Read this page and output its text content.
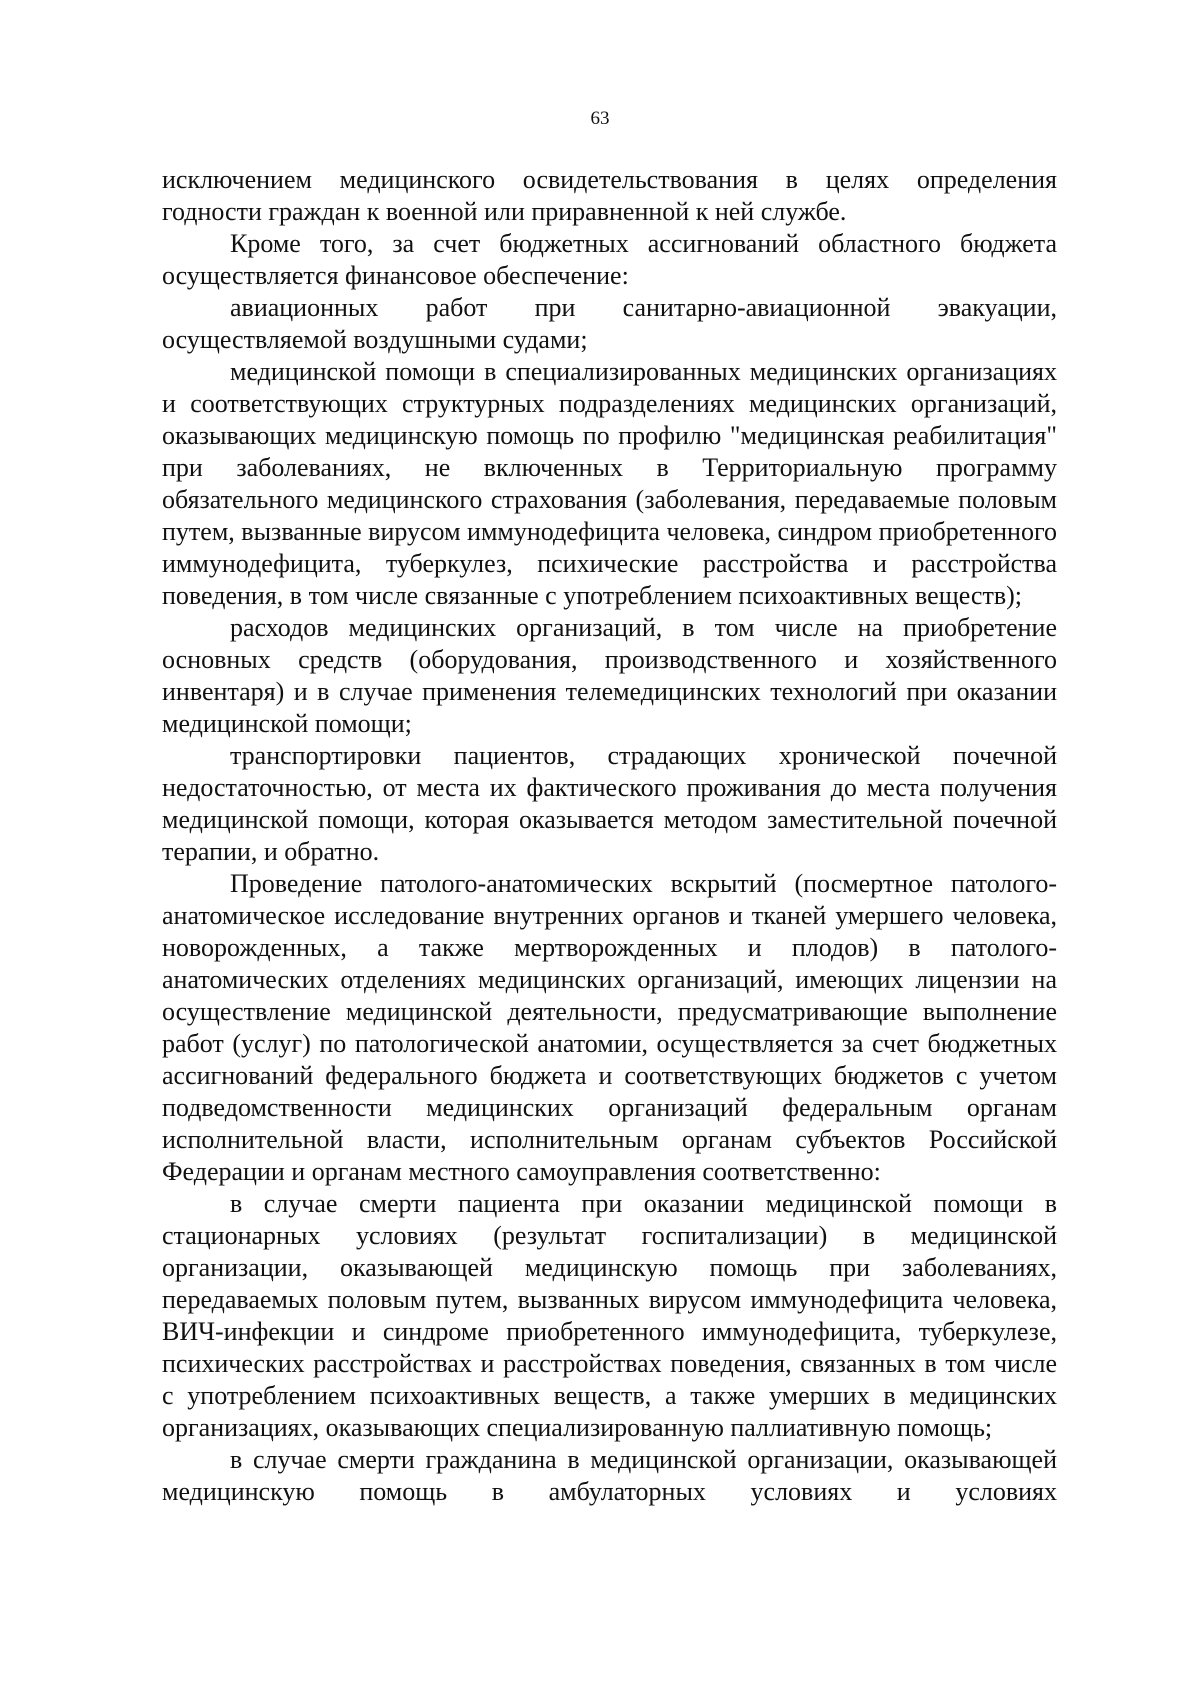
63

исключением медицинского освидетельствования в целях определения годности граждан к военной или приравненной к ней службе.

Кроме того, за счет бюджетных ассигнований областного бюджета осуществляется финансовое обеспечение:

авиационных работ при санитарно-авиационной эвакуации, осуществляемой воздушными судами;

медицинской помощи в специализированных медицинских организациях и соответствующих структурных подразделениях медицинских организаций, оказывающих медицинскую помощь по профилю "медицинская реабилитация" при заболеваниях, не включенных в Территориальную программу обязательного медицинского страхования (заболевания, передаваемые половым путем, вызванные вирусом иммунодефицита человека, синдром приобретенного иммунодефицита, туберкулез, психические расстройства и расстройства поведения, в том числе связанные с употреблением психоактивных веществ);

расходов медицинских организаций, в том числе на приобретение основных средств (оборудования, производственного и хозяйственного инвентаря) и в случае применения телемедицинских технологий при оказании медицинской помощи;

транспортировки пациентов, страдающих хронической почечной недостаточностью, от места их фактического проживания до места получения медицинской помощи, которая оказывается методом заместительной почечной терапии, и обратно.

Проведение патолого-анатомических вскрытий (посмертное патолого-анатомическое исследование внутренних органов и тканей умершего человека, новорожденных, а также мертворожденных и плодов) в патолого-анатомических отделениях медицинских организаций, имеющих лицензии на осуществление медицинской деятельности, предусматривающие выполнение работ (услуг) по патологической анатомии, осуществляется за счет бюджетных ассигнований федерального бюджета и соответствующих бюджетов с учетом подведомственности медицинских организаций федеральным органам исполнительной власти, исполнительным органам субъектов Российской Федерации и органам местного самоуправления соответственно:

в случае смерти пациента при оказании медицинской помощи в стационарных условиях (результат госпитализации) в медицинской организации, оказывающей медицинскую помощь при заболеваниях, передаваемых половым путем, вызванных вирусом иммунодефицита человека, ВИЧ-инфекции и синдроме приобретенного иммунодефицита, туберкулезе, психических расстройствах и расстройствах поведения, связанных в том числе с употреблением психоактивных веществ, а также умерших в медицинских организациях, оказывающих специализированную паллиативную помощь;

в случае смерти гражданина в медицинской организации, оказывающей медицинскую помощь в амбулаторных условиях и условиях
